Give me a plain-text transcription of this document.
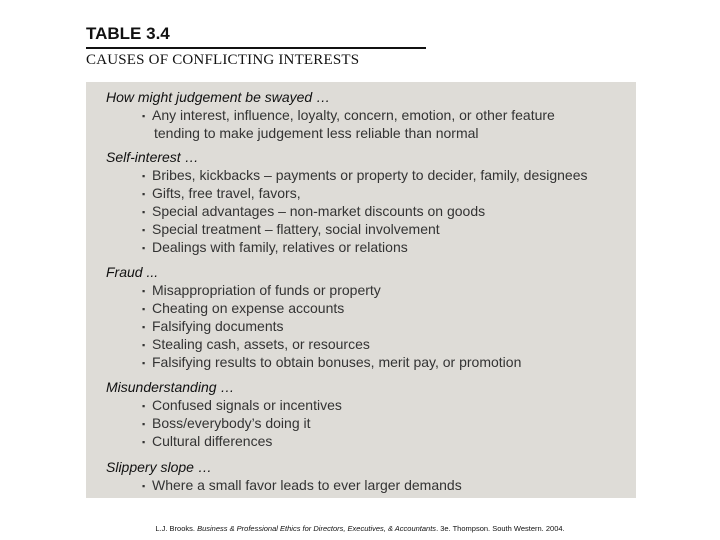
TABLE 3.4
CAUSES OF CONFLICTING INTERESTS
How might judgement be swayed …
▪ Any interest, influence, loyalty, concern, emotion, or other feature
tending to make judgement less reliable than normal
Self-interest …
▪ Bribes, kickbacks – payments or property to decider, family, designees
▪ Gifts, free travel, favors,
▪ Special advantages – non-market discounts on goods
▪ Special treatment – flattery, social involvement
▪ Dealings with family, relatives or relations
Fraud ...
▪ Misappropriation of funds or property
▪ Cheating on expense accounts
▪ Falsifying documents
▪ Stealing cash, assets, or resources
▪ Falsifying results to obtain bonuses, merit pay, or promotion
Misunderstanding …
▪ Confused signals or incentives
▪ Boss/everybody’s doing it
▪ Cultural differences
Slippery slope …
▪ Where a small favor leads to ever larger demands
L.J. Brooks. Business & Professional Ethics for Directors, Executives, & Accountants. 3e. Thompson. South Western. 2004.
